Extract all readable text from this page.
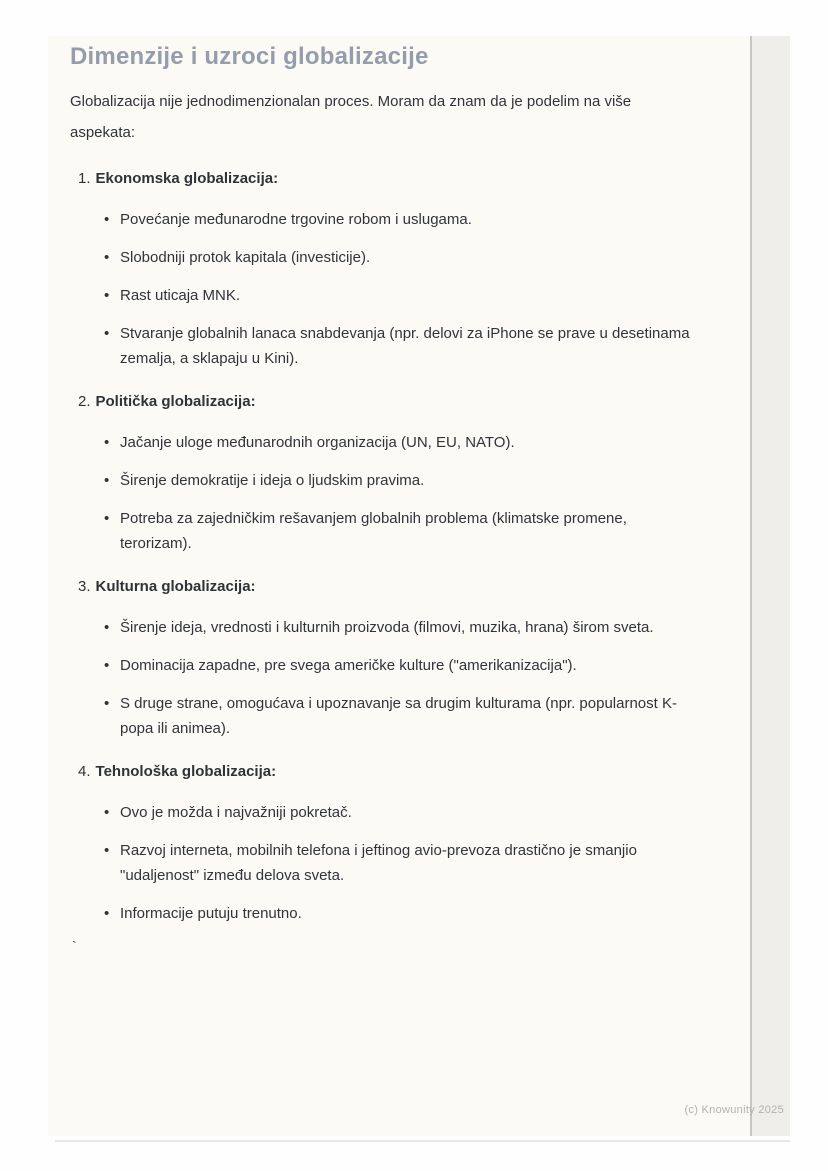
Dimenzije i uzroci globalizacije

Globalizacija nije jednodimenzionalan proces. Moram da znam da je podelim na više aspekata:

1. Ekonomska globalizacija:
• Povećanje međunarodne trgovine robom i uslugama.
• Slobodniji protok kapitala (investicije).
• Rast uticaja MNK.
• Stvaranje globalnih lanaca snabdevanja (npr. delovi za iPhone se prave u desetinama zemalja, a sklapaju u Kini).
2. Politička globalizacija:
• Jačanje uloge međunarodnih organizacija (UN, EU, NATO).
• Širenje demokratije i ideja o ljudskim pravima.
• Potreba za zajedničkim rešavanjem globalnih problema (klimatske promene, terorizam).
3. Kulturna globalizacija:
• Širenje ideja, vrednosti i kulturnih proizvoda (filmovi, muzika, hrana) širom sveta.
• Dominacija zapadne, pre svega američke kulture ("amerikanizacija").
• S druge strane, omogućava i upoznavanje sa drugim kulturama (npr. popularnost K-popa ili animea).
4. Tehnološka globalizacija:
• Ovo je možda i najvažniji pokretač.
• Razvoj interneta, mobilnih telefona i jeftinog avio-prevoza drastično je smanjio "udaljenost" između delova sveta.
• Informacije putuju trenutno.
`
(c) Knowunity 2025
